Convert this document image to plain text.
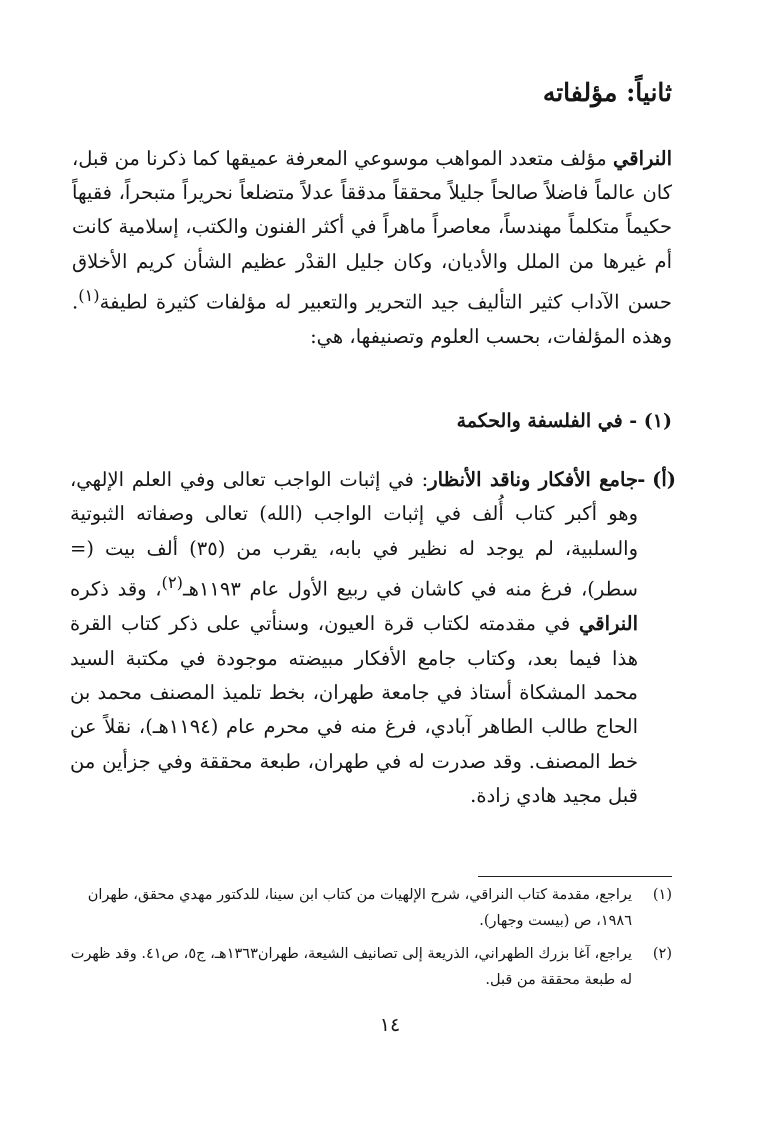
ثانياً: مؤلفاته

النراقي مؤلف متعدد المواهب موسوعي المعرفة عميقها كما ذكرنا من قبل، كان عالماً فاضلاً صالحاً جليلاً محققاً مدققاً عدلاً متضلعاً نحريراً متبحراً، فقيهاً حكيماً متكلماً مهندساً، معاصراً ماهراً في أكثر الفنون والكتب، إسلامية كانت أم غيرها من الملل والأديان، وكان جليل القدْر عظيم الشأن كريم الأخلاق حسن الآداب كثير التأليف جيد التحرير والتعبير له مؤلفات كثيرة لطيفة$^{(١)}$. وهذه المؤلفات، بحسب العلوم وتصنيفها، هي:

(١) - في الفلسفة والحكمة
(أ) -

جامع الأفكار وناقد الأنظار: في إثبات الواجب تعالى وفي العلم الإلهي، وهو أكبر كتاب أُلف في إثبات الواجب (الله) تعالى وصفاته الثبوتية والسلبية، لم يوجد له نظير في بابه، يقرب من (٣٥) ألف بيت (= سطر)، فرغ منه في كاشان في ربيع الأول عام ١١٩٣هـ$^{(٢)}$، وقد ذكره النراقي في مقدمته لكتاب قرة العيون، وسنأتي على ذكر كتاب القرة هذا فيما بعد، وكتاب جامع الأفكار مبيضته موجودة في مكتبة السيد محمد المشكاة أستاذ في جامعة طهران، بخط تلميذ المصنف محمد بن الحاج طالب الطاهر آبادي، فرغ منه في محرم عام (١١٩٤هـ)، نقلاً عن خط المصنف. وقد صدرت له في طهران، طبعة محققة وفي جزأين من قبل مجيد هادي زادة.

(١)
يراجع، مقدمة كتاب النراقي، شرح الإلهيات من كتاب ابن سينا، للدكتور مهدي محقق، طهران ١٩٨٦، ص (بيست وجهار).

(٢)
يراجع، آغا بزرك الطهراني، الذريعة إلى تصانيف الشيعة، طهران١٣٦٣هـ، ج٥، ص٤١. وقد ظهرت له طبعة محققة من قبل.

١٤
